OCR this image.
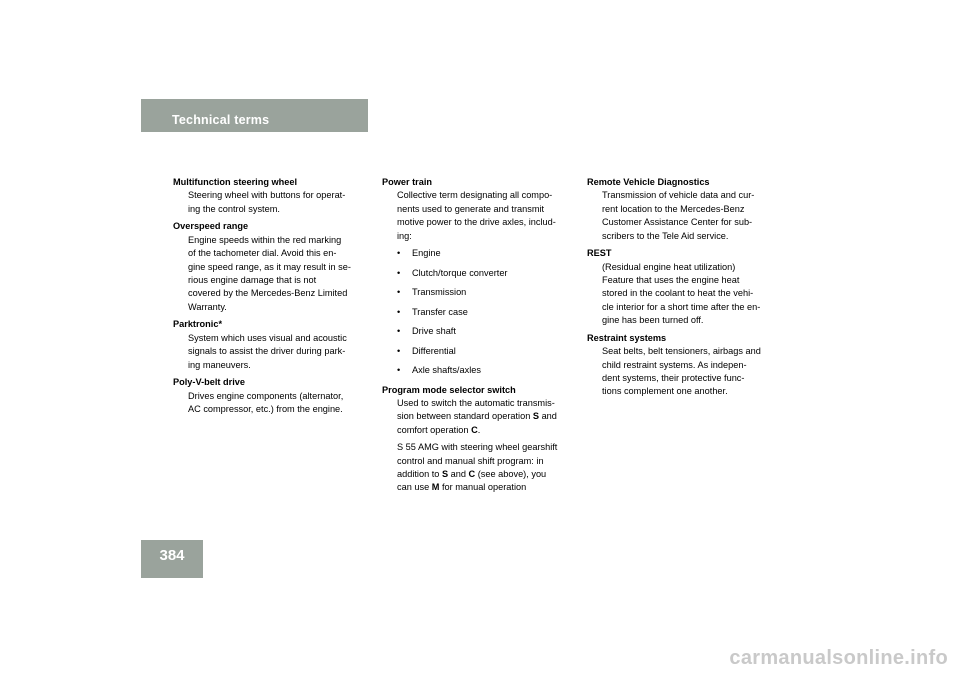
Technical terms
384
Multifunction steering wheel
Steering wheel with buttons for operat-
ing the control system.
Overspeed range
Engine speeds within the red marking
of the tachometer dial. Avoid this en-
gine speed range, as it may result in se-
rious engine damage that is not
covered by the Mercedes-Benz Limited
Warranty.
Parktronic*
System which uses visual and acoustic
signals to assist the driver during park-
ing maneuvers.
Poly-V-belt drive
Drives engine components (alternator,
AC compressor, etc.) from the engine.
Power train
Collective term designating all compo-
nents used to generate and transmit
motive power to the drive axles, includ-
ing:
• Engine
• Clutch/torque converter
• Transmission
• Transfer case
• Drive shaft
• Differential
• Axle shafts/axles
Program mode selector switch
Used to switch the automatic transmis-
sion between standard operation S and
comfort operation C.
S 55 AMG with steering wheel gearshift
control and manual shift program: in
addition to S and C (see above), you
can use M for manual operation
Remote Vehicle Diagnostics
Transmission of vehicle data and cur-
rent location to the Mercedes-Benz
Customer Assistance Center for sub-
scribers to the Tele Aid service.
REST
(Residual engine heat utilization)
Feature that uses the engine heat
stored in the coolant to heat the vehi-
cle interior for a short time after the en-
gine has been turned off.
Restraint systems
Seat belts, belt tensioners, airbags and
child restraint systems. As indepen-
dent systems, their protective func-
tions complement one another.
carmanualsonline.info
